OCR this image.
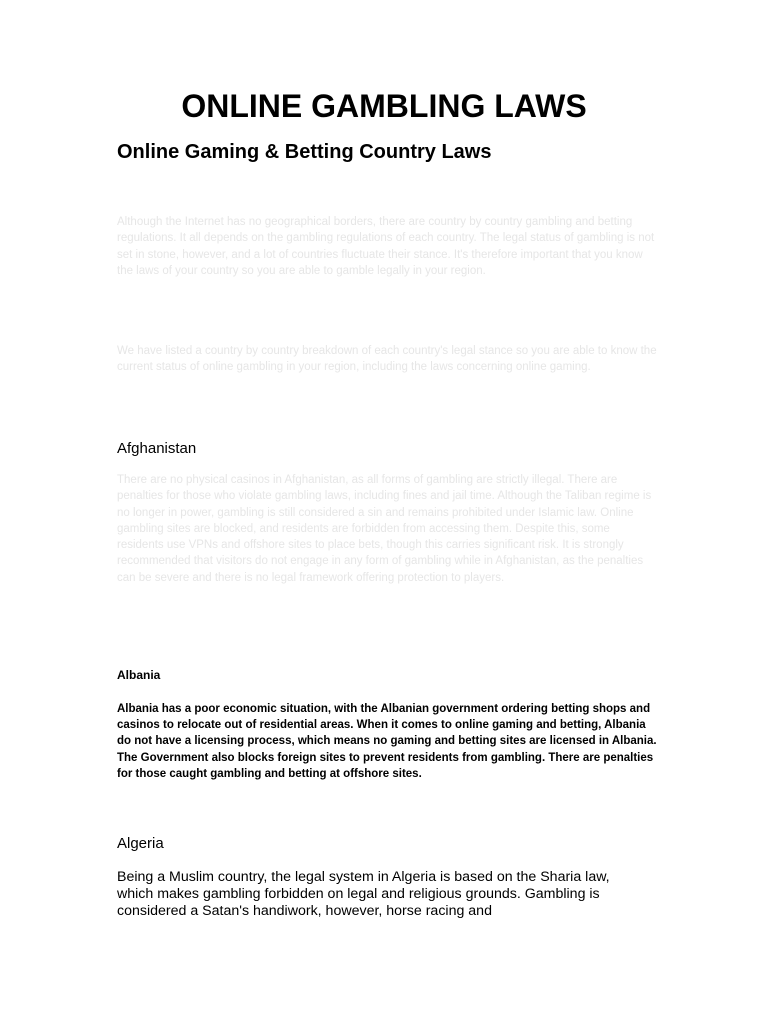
ONLINE GAMBLING LAWS
Online Gaming & Betting Country Laws

Although the Internet has no geographical borders, there are country by country gambling and betting regulations. It all depends on the gambling regulations of each country. The legal status of gambling is not set in stone, however, and a lot of countries fluctuate their stance. It's therefore important that you know the laws of your country so you are able to gamble legally in your region.

We have listed a country by country breakdown of each country's legal stance so you are able to know the current status of online gambling in your region, including the laws concerning online gaming.

Afghanistan

There are no physical casinos in Afghanistan, as all forms of gambling are strictly illegal. There are penalties for those who violate gambling laws, including fines and jail time. Although the Taliban regime is no longer in power, gambling is still considered a sin and remains prohibited under Islamic law. Online gambling sites are blocked, and residents are forbidden from accessing them. Despite this, some residents use VPNs and offshore sites to place bets, though this carries significant risk. It is strongly recommended that visitors do not engage in any form of gambling while in Afghanistan, as the penalties can be severe and there is no legal framework offering protection to players.

Albania

Albania has a poor economic situation, with the Albanian government ordering betting shops and casinos to relocate out of residential areas. When it comes to online gaming and betting, Albania do not have a licensing process, which means no gaming and betting sites are licensed in Albania. The Government also blocks foreign sites to prevent residents from gambling. There are penalties for those caught gambling and betting at offshore sites.

Algeria

Being a Muslim country, the legal system in Algeria is based on the Sharia law, which makes gambling forbidden on legal and religious grounds. Gambling is considered a Satan's handiwork, however, horse racing and
